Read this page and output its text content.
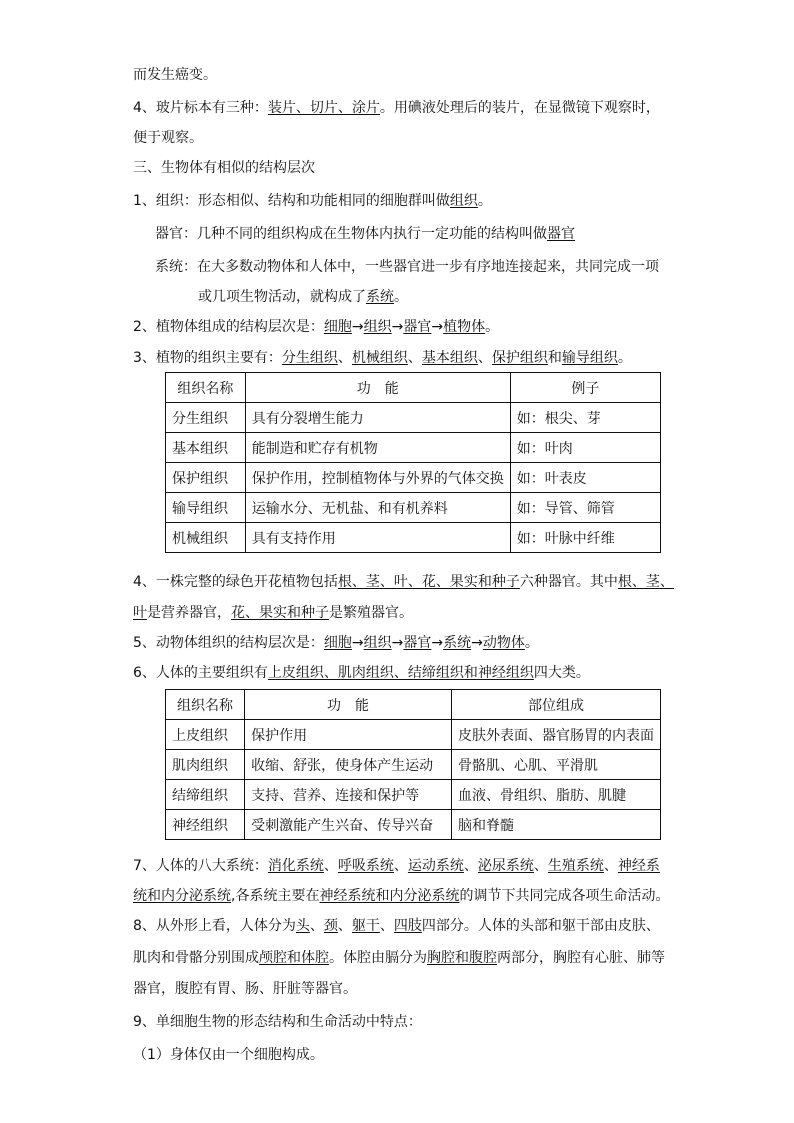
而发生癌变。
4、玻片标本有三种：装片、切片、涂片。用碘液处理后的装片，在显微镜下观察时，
便于观察。
三、生物体有相似的结构层次
1、组织：形态相似、结构和功能相同的细胞群叫做组织。
器官：几种不同的组织构成在生物体内执行一定功能的结构叫做器官
系统：在大多数动物体和人体中，一些器官进一步有序地连接起来，共同完成一项
或几项生物活动，就构成了系统。
2、植物体组成的结构层次是：细胞→组织→器官→植物体。
3、植物的组织主要有：分生组织、机械组织、基本组织、保护组织和输导组织。
组织名称	功　能	例子
分生组织	具有分裂增生能力	如：根尖、芽
基本组织	能制造和贮存有机物	如：叶肉
保护组织	保护作用，控制植物体与外界的气体交换	如：叶表皮
输导组织	运输水分、无机盐、和有机养料	如：导管、筛管
机械组织	具有支持作用	如：叶脉中纤维
4、一株完整的绿色开花植物包括根、茎、叶、花、果实和种子六种器官。其中根、茎、
叶是营养器官，花、果实和种子是繁殖器官。
5、动物体组织的结构层次是：细胞→组织→器官→系统→动物体。
6、人体的主要组织有上皮组织、肌肉组织、结缔组织和神经组织四大类。
组织名称	功　能	部位组成
上皮组织	保护作用	皮肤外表面、器官肠胃的内表面
肌肉组织	收缩、舒张，使身体产生运动	骨骼肌、心肌、平滑肌
结缔组织	支持、营养、连接和保护等	血液、骨组织、脂肪、肌腱
神经组织	受刺激能产生兴奋、传导兴奋	脑和脊髓
7、人体的八大系统：消化系统、呼吸系统、运动系统、泌尿系统、生殖系统、神经系
统和内分泌系统,各系统主要在神经系统和内分泌系统的调节下共同完成各项生命活动。
8、从外形上看，人体分为头、颈、躯干、四肢四部分。人体的头部和躯干部由皮肤、
肌肉和骨骼分别围成颅腔和体腔。体腔由膈分为胸腔和腹腔两部分，胸腔有心脏、肺等
器官，腹腔有胃、肠、肝脏等器官。
9、单细胞生物的形态结构和生命活动中特点：
（1）身体仅由一个细胞构成。
